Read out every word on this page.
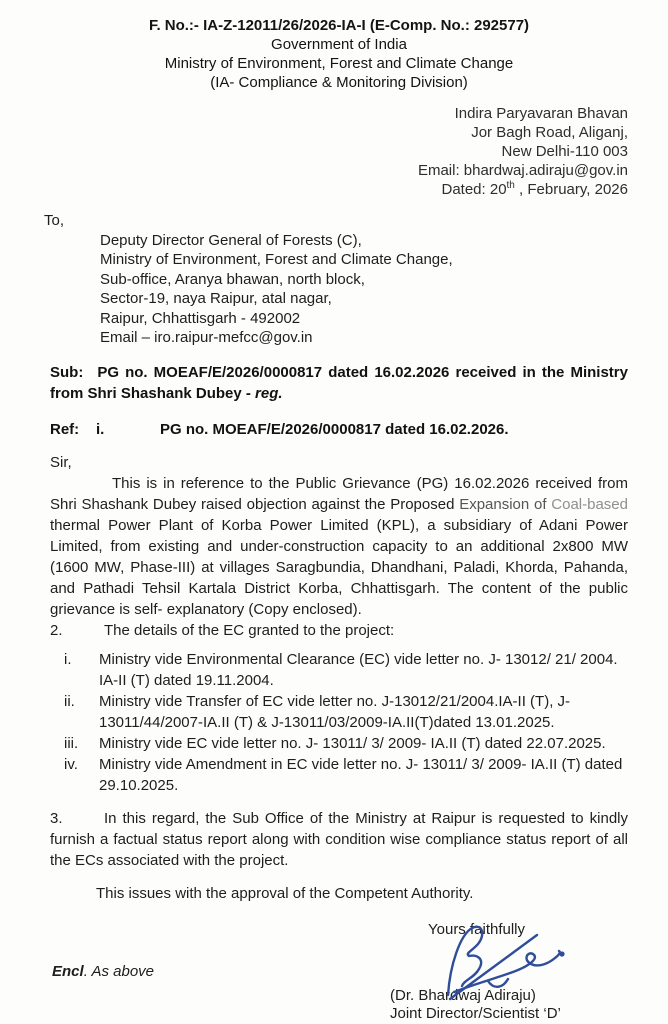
F. No.:- IA-Z-12011/26/2026-IA-I (E-Comp. No.: 292577)
Government of India
Ministry of Environment, Forest and Climate Change
(IA- Compliance & Monitoring Division)
Indira Paryavaran Bhavan
Jor Bagh Road, Aliganj,
New Delhi-110 003
Email: bhardwaj.adiraju@gov.in
Dated: 20th , February, 2026
To,
Deputy Director General of Forests (C),
Ministry of Environment, Forest and Climate Change,
Sub-office, Aranya bhawan, north block,
Sector-19, naya Raipur, atal nagar,
Raipur, Chhattisgarh - 492002
Email – iro.raipur-mefcc@gov.in

Sub: PG no. MOEAF/E/2026/0000817 dated 16.02.2026 received in the Ministry from Shri Shashank Dubey - reg.

Ref: i.	PG no. MOEAF/E/2026/0000817 dated 16.02.2026.
Sir,

This is in reference to the Public Grievance (PG) 16.02.2026 received from Shri Shashank Dubey raised objection against the Proposed Expansion of Coal-based thermal Power Plant of Korba Power Limited (KPL), a subsidiary of Adani Power Limited, from existing and under-construction capacity to an additional 2x800 MW (1600 MW, Phase-III) at villages Saragbundia, Dhandhani, Paladi, Khorda, Pahanda, and Pathadi Tehsil Kartala District Korba, Chhattisgarh. The content of the public grievance is self- explanatory (Copy enclosed).

2.	The details of the EC granted to the project:

i.	Ministry vide Environmental Clearance (EC) vide letter no. J- 13012/ 21/ 2004. IA-II (T) dated 19.11.2004.
ii.	Ministry vide Transfer of EC vide letter no. J-13012/21/2004.IA-II (T), J-13011/44/2007-IA.II (T) & J-13011/03/2009-IA.II(T)dated 13.01.2025.
iii.	Ministry vide EC vide letter no. J- 13011/ 3/ 2009- IA.II (T) dated 22.07.2025.
iv.	Ministry vide Amendment in EC vide letter no. J- 13011/ 3/ 2009- IA.II (T) dated 29.10.2025.

3.	In this regard, the Sub Office of the Ministry at Raipur is requested to kindly furnish a factual status report along with condition wise compliance status report of all the ECs associated with the project.

This issues with the approval of the Competent Authority.

Encl. As above
Yours faithfully
(Dr. Bhardwaj Adiraju)
Joint Director/Scientist ‘D’
